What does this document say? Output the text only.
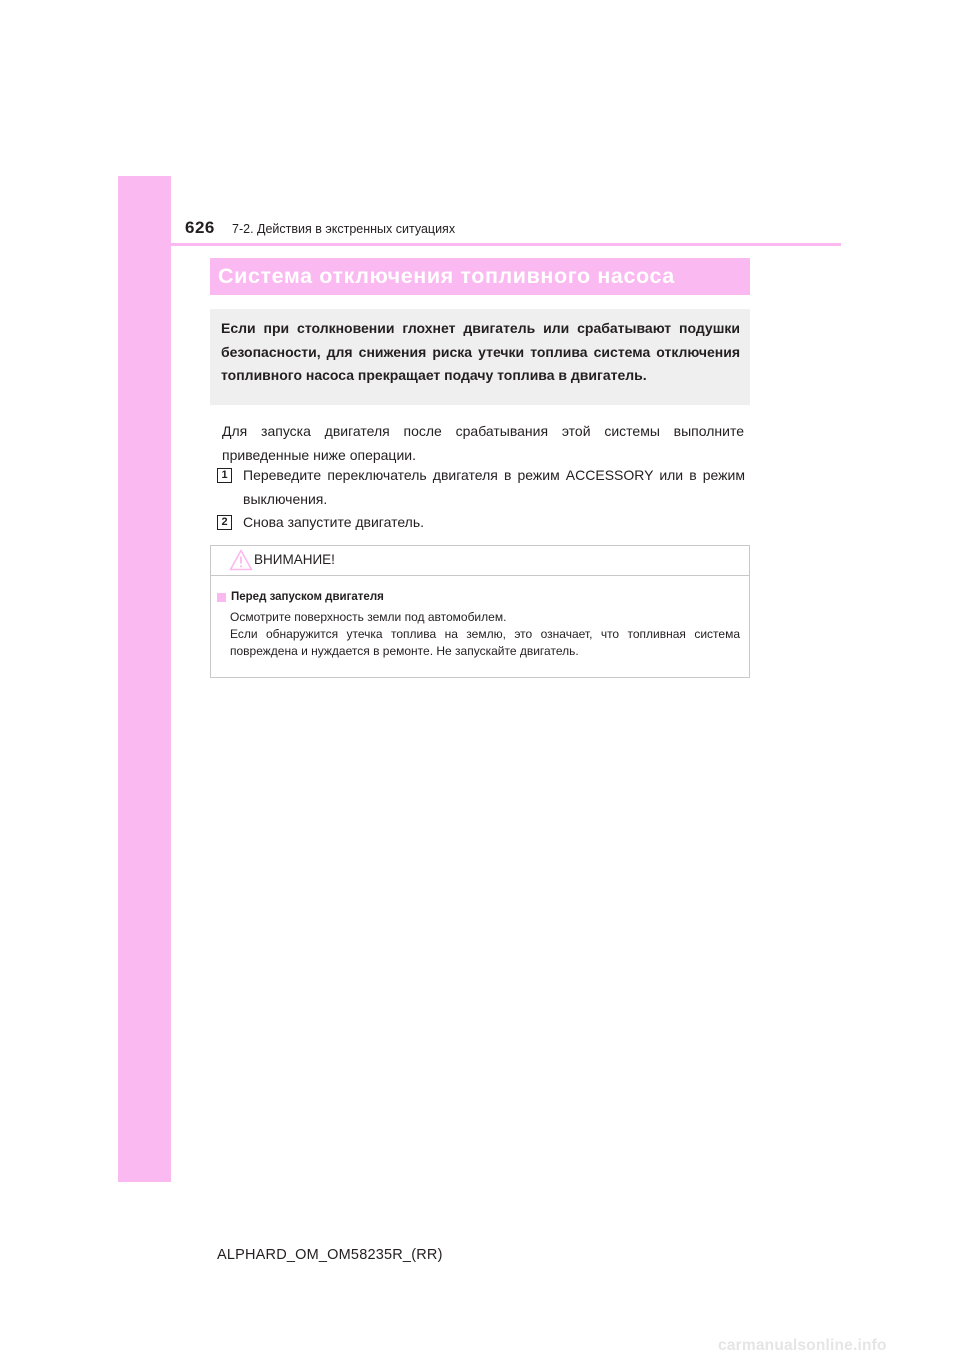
626 7-2. Действия в экстренных ситуациях
Система отключения топливного насоса

Если при столкновении глохнет двигатель или срабатывают подушки безопасности, для снижения риска утечки топлива система отключения топливного насоса прекращает подачу топлива в двигатель.

Для запуска двигателя после срабатывания этой системы выполните приведенные ниже операции.

1	Переведите переключатель двигателя в режим ACCESSORY или в режим выключения.

2	Снова запустите двигатель.

ВНИМАНИЕ!
Перед запуском двигателя
Осмотрите поверхность земли под автомобилем.
Если обнаружится утечка топлива на землю, это означает, что топливная система повреждена и нуждается в ремонте. Не запускайте двигатель.
ALPHARD_OM_OM58235R_(RR)
carmanualsonline.info
